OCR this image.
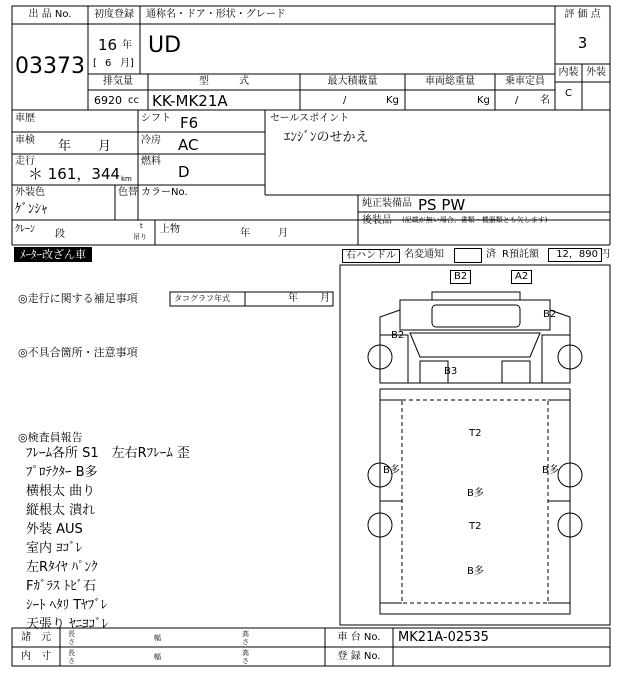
出 品 No.
03373
初度登録	通称名・ドア・形状・グレード
16 年
[ 6 月]
UD
評 価 点
3
内装 外装
C
排気量
6920 cc
型　　　式
KK-MK21A
最大積載量
/	Kg
車両総重量
Kg
乗車定員
/ 名
車歴
車検 年 月
走行
＊ 161，344 km
シフト F6
冷房 AC
燃料
D
外装色
ｹﾞﾝｼｬ
色替 カラーNo.
セールスポイント
ｴﾝｼﾞﾝのせかえ
純正装備品 PS PW
後装品 (記載が無い場合、書類・機器類とも欠します)
ｸﾚｰﾝ 段
t
吊り
上物	年	月
ﾒｰﾀｰ改ざん車	右ハンドル 名変通知	済 R預託額	12，890 円
◎走行に関する補足事項	タコグラフ年式	年 月
◎不具合箇所・注意事項
◎検査員報告
ﾌﾚｰﾑ各所 S1　左右Rﾌﾚｰﾑ 歪
ﾌﾟﾛﾃｸﾀｰ B多
横根太 曲り
縦根太 潰れ
外装 AUS
室内 ﾖｺﾞﾚ
左Rﾀｲﾔ ﾊﾟﾝｸ
Fｶﾞﾗｽ ﾄﾋﾞ石
ｼｰﾄ ﾍﾀﾘ Tﾔﾌﾞﾚ
天張り ﾔﾆﾖｺﾞﾚ
B2	A2
B2
B2
B3
T2
B多	B多
B多
T2
B多
諸　元
内　寸
長さ	幅	高さ
長さ	幅	高さ
車 台 No.	MK21A-02535
登 録 No.
